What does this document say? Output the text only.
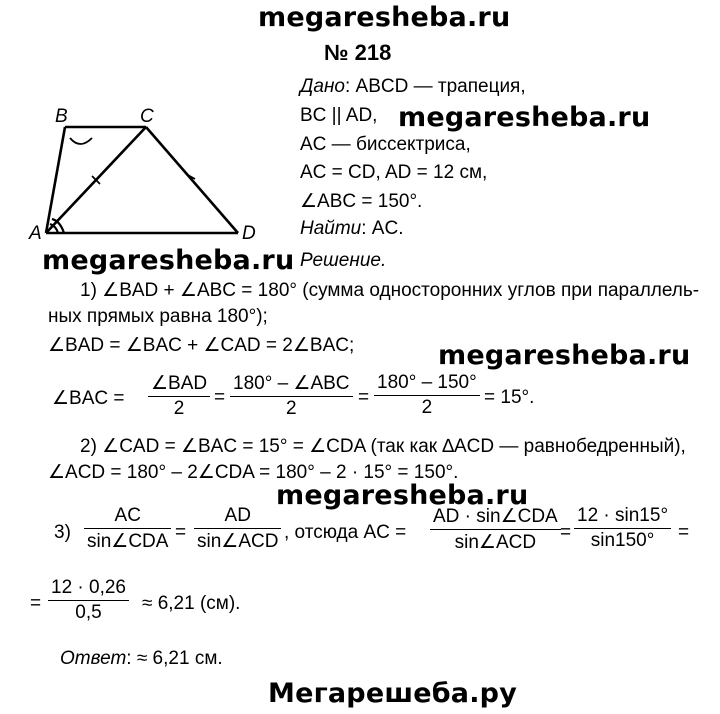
megaresheba.ru
megaresheba.ru
megaresheba.ru
megaresheba.ru
megaresheba.ru
Мегарешеба.ру
№ 218
B	C
A	D
Дано: ABCD — трапеция,
BC || AD,
AC — биссектриса,
AC = CD, AD = 12 см,
∠ABC = 150°.
Найти: AC.
Решение.
1) ∠BAD + ∠ABC = 180° (сумма односторонних углов при параллель-
ных прямых равна 180°);
∠BAD = ∠BAC + ∠CAD = 2∠BAC;
∠BAC =
∠BAD
2
=
180° – ∠ABC
2
=
180° – 150°
2	= 15°.
2) ∠CAD = ∠BAC = 15° = ∠CDA (так как ∆ACD — равнобедренный),
∠ACD = 180° – 2∠CDA = 180° – 2 · 15° = 150°.
3)
AC
sin∠CDA =
AD
sin∠ACD , отсюда AC =
AD · sin∠CDA
sin∠ACD =
12 · sin15°
sin150° =
=
12 · 0,26
0,5 ≈ 6,21 (см).
Ответ: ≈ 6,21 см.
